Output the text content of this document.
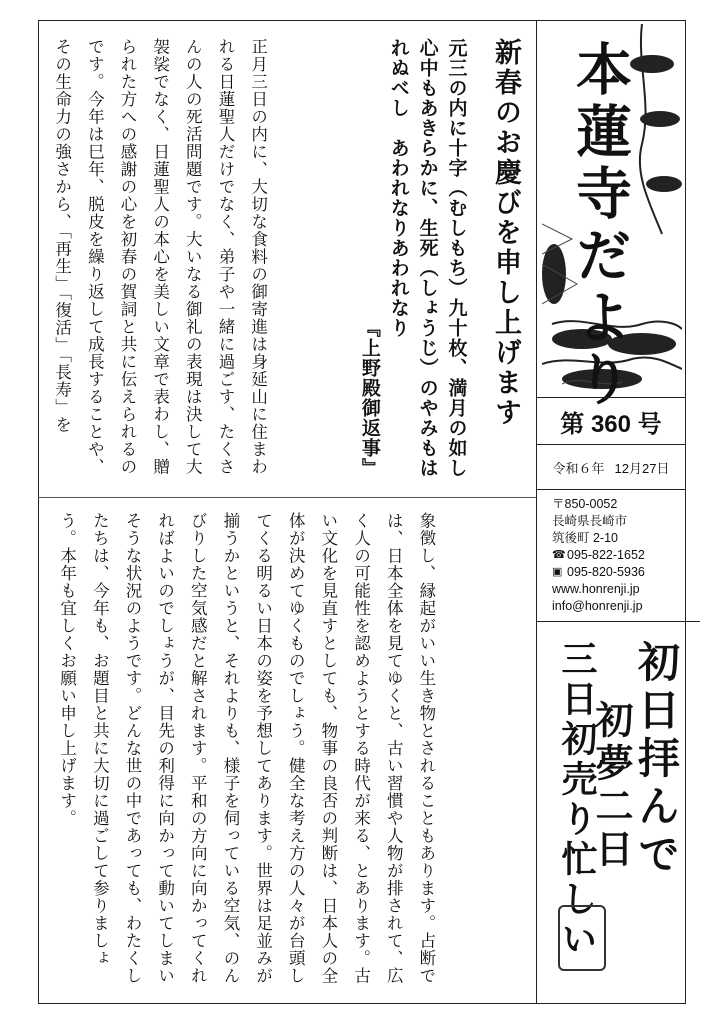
本蓮寺だより
第 360 号
令和６年 12月27日
〒850-0052
長崎県長崎市
筑後町 2-10
☎ 095-822-1652
▣ 095-820-5936
www.honrenji.jp
info@honrenji.jp
初日拝んで
初夢二日
三日初売り忙しい
新春のお慶びを申し上げます
元三の内に十字（むしもち）九十枚、満月の如し心中もあきらかに、生死（しょうじ）のやみもはれぬべし　あわれなりあわれなり
『上野殿御返事』
正月三日の内に、大切な食料の御寄進は身延山に住まわれる日蓮聖人だけでなく、弟子や一緒に過ごす、たくさんの人の死活問題です。大いなる御礼の表現は決して大袈裟でなく、日蓮聖人の本心を美しい文章で表わし、贈られた方への感謝の心を初春の賀詞と共に伝えられるのです。今年は巳年、脱皮を繰り返して成長することや、その生命力の強さから、「再生」「復活」「長寿」を
象徴し、縁起がいい生き物とされることもあります。占断では、日本全体を見てゆくと、古い習慣や人物が排されて、広く人の可能性を認めようとする時代が来る、とあります。古い文化を見直すとしても、物事の良否の判断は、日本人の全体が決めてゆくものでしょう。健全な考え方の人々が台頭してくる明るい日本の姿を予想してあります。世界は足並みが揃うかというと、それよりも、様子を伺っている空気、のんびりした空気感だと解されます。平和の方向に向かってくれればよいのでしょうが、目先の利得に向かって動いてしまいそうな状況のようです。どんな世の中であっても、わたくしたちは、今年も、お題目と共に大切に過ごして参りましょう。本年も宜しくお願い申し上げます。
